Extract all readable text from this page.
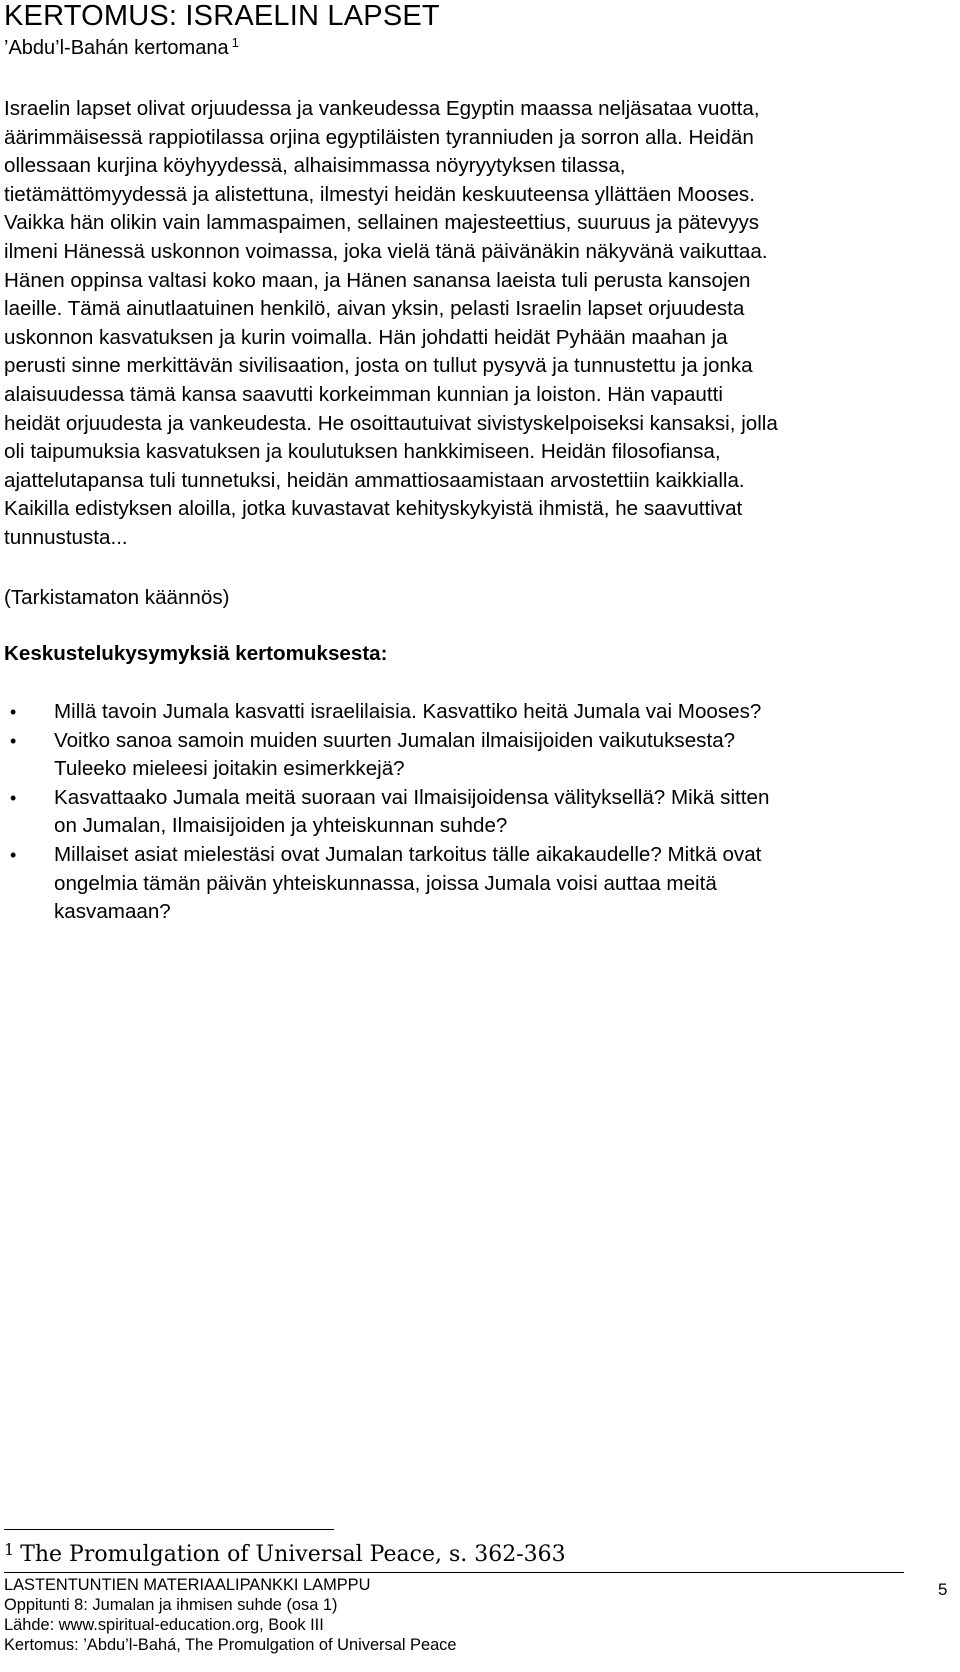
KERTOMUS: ISRAELIN LAPSET
’Abdu’l-Bahán kertomana $^1$
Israelin lapset olivat orjuudessa ja vankeudessa Egyptin maassa neljäsataa vuotta,
äärimmäisessä rappiotilassa orjina egyptiläisten tyranniuden ja sorron alla. Heidän
ollessaan kurjina köyhyydessä, alhaisimmassa nöyryytyksen tilassa,
tietämättömyydessä ja alistettuna, ilmestyi heidän keskuuteensa yllättäen Mooses.
Vaikka hän olikin vain lammaspaimen, sellainen majesteettius, suuruus ja pätevyys
ilmeni Hänessä uskonnon voimassa, joka vielä tänä päivänäkin näkyvänä vaikuttaa.
Hänen oppinsa valtasi koko maan, ja Hänen sanansa laeista tuli perusta kansojen
laeille. Tämä ainutlaatuinen henkilö, aivan yksin, pelasti Israelin lapset orjuudesta
uskonnon kasvatuksen ja kurin voimalla. Hän johdatti heidät Pyhään maahan ja
perusti sinne merkittävän sivilisaation, josta on tullut pysyvä ja tunnustettu ja jonka
alaisuudessa tämä kansa saavutti korkeimman kunnian ja loiston. Hän vapautti
heidät orjuudesta ja vankeudesta. He osoittautuivat sivistyskelpoiseksi kansaksi, jolla
oli taipumuksia kasvatuksen ja koulutuksen hankkimiseen. Heidän filosofiansa,
ajattelutapansa tuli tunnetuksi, heidän ammattiosaamistaan arvostettiin kaikkialla.
Kaikilla edistyksen aloilla, jotka kuvastavat kehityskykyistä ihmistä, he saavuttivat
tunnustusta...
(Tarkistamaton käännös)
Keskustelukysymyksiä kertomuksesta:
• Millä tavoin Jumala kasvatti israelilaisia. Kasvattiko heitä Jumala vai Mooses?
• Voitko sanoa samoin muiden suurten Jumalan ilmaisijoiden vaikutuksesta?
Tuleeko mieleesi joitakin esimerkkejä?
• Kasvattaako Jumala meitä suoraan vai Ilmaisijoidensa välityksellä? Mikä sitten
on Jumalan, Ilmaisijoiden ja yhteiskunnan suhde?
• Millaiset asiat mielestäsi ovat Jumalan tarkoitus tälle aikakaudelle? Mitkä ovat
ongelmia tämän päivän yhteiskunnassa, joissa Jumala voisi auttaa meitä
kasvamaan?
$^1$ The Promulgation of Universal Peace, s. 362-363
LASTENTUNTIEN MATERIAALIPANKKI LAMPPU
Oppitunti 8: Jumalan ja ihmisen suhde (osa 1)
Lähde: www.spiritual-education.org, Book III
Kertomus: ’Abdu’l-Bahá, The Promulgation of Universal Peace
5
